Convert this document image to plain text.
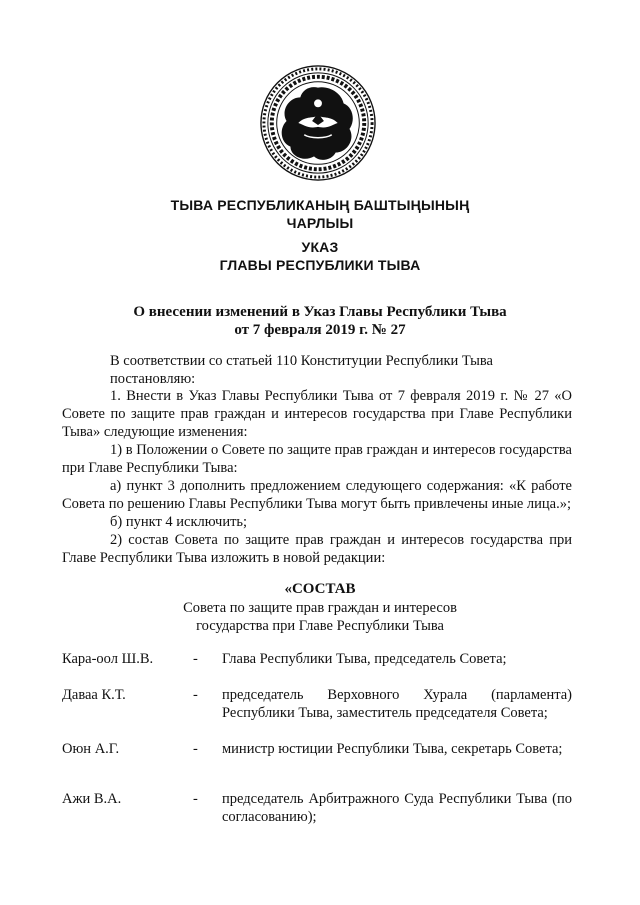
ТЫВА РЕСПУБЛИКАНЫҢ БАШТЫҢЫНЫҢ
ЧАРЛЫЫ
УКАЗ
ГЛАВЫ РЕСПУБЛИКИ ТЫВА
О внесении изменений в Указ Главы Республики Тыва
от 7 февраля 2019 г. № 27
В соответствии со статьей 110 Конституции Республики Тыва постановляю:
1. Внести в Указ Главы Республики Тыва от 7 февраля 2019 г. № 27 «О Совете по защите прав граждан и интересов государства при Главе Республики Тыва» следующие изменения:
1) в Положении о Совете по защите прав граждан и интересов государства при Главе Республики Тыва:
а) пункт 3 дополнить предложением следующего содержания: «К работе Совета по решению Главы Республики Тыва могут быть привлечены иные лица.»;
б) пункт 4 исключить;
2) состав Совета по защите прав граждан и интересов государства при Главе Республики Тыва изложить в новой редакции:
«СОСТАВ
Совета по защите прав граждан и интересов
государства при Главе Республики Тыва
Кара-оол Ш.В.	-	Глава Республики Тыва, председатель Совета;
Даваа К.Т.	-	председатель Верховного Хурала (парламента) Республики Тыва, заместитель председателя Совета;
Оюн А.Г.	-	министр юстиции Республики Тыва, секретарь Совета;
Ажи В.А.	-	председатель Арбитражного Суда Республики Тыва (по согласованию);
